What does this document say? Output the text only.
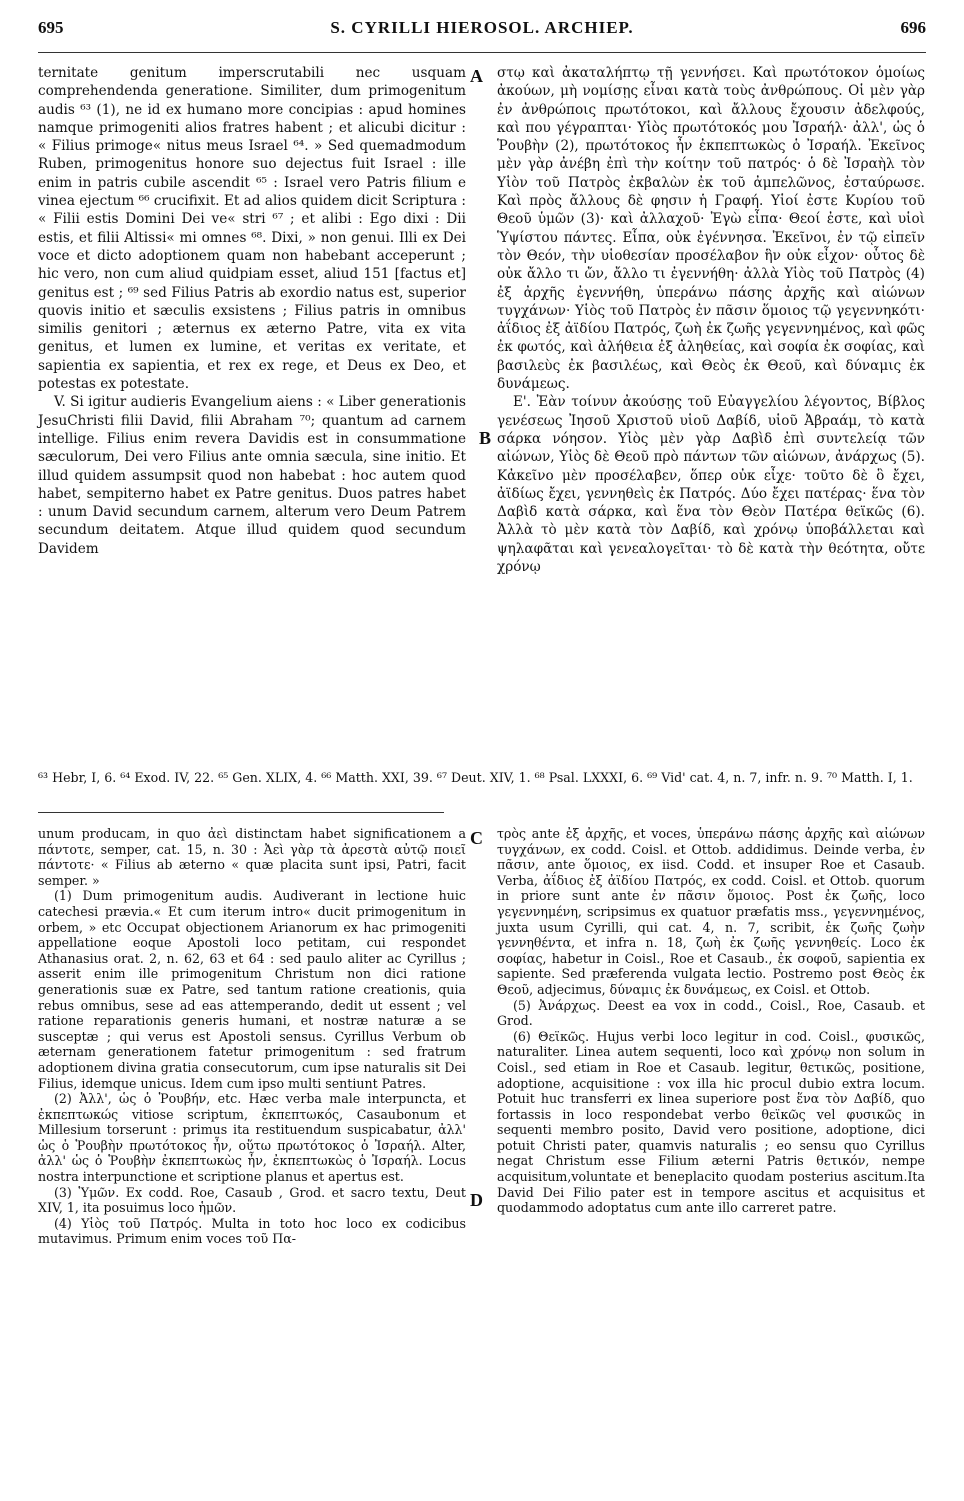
695	S. CYRILLI HIEROSOL. ARCHIEP.	696

ternitate genitum imperscrutabili nec usquam comprehendenda generatione. Similiter, dum primogenitum audis ⁶³ (1), ne id ex humano more concipias : apud homines namque primogeniti alios fratres habent ; et alicubi dicitur : « Filius primoge« nitus meus Israel ⁶⁴. » Sed quemadmodum Ruben, primogenitus honore suo dejectus fuit Israel : ille enim in patris cubile ascendit ⁶⁵ : Israel vero Patris filium e vinea ejectum ⁶⁶ crucifixit. Et ad alios quidem dicit Scriptura : « Filii estis Domini Dei ve« stri ⁶⁷ ; et alibi : Ego dixi : Dii estis, et filii Altissi« mi omnes ⁶⁸. Dixi, » non genui. Illi ex Dei voce et dicto adoptionem quam non habebant acceperunt ; hic vero, non cum aliud quidpiam esset, aliud 151 [factus et] genitus est ; ⁶⁹ sed Filius Patris ab exordio natus est, superior quovis initio et sæculis exsistens ; Filius patris in omnibus similis genitori ; æternus ex æterno Patre, vita ex vita genitus, et lumen ex lumine, et veritas ex veritate, et sapientia ex sapientia, et rex ex rege, et Deus ex Deo, et potestas ex potestate.

V. Si igitur audieris Evangelium aiens : « Liber generationis JesuChristi filii David, filii Abraham ⁷⁰; quantum ad carnem intellige. Filius enim revera Davidis est in consummatione sæculorum, Dei vero Filius ante omnia sæcula, sine initio. Et illud quidem assumpsit quod non habebat : hoc autem quod habet, sempiterno habet ex Patre genitus. Duos patres habet : unum David secundum carnem, alterum vero Deum Patrem secundum deitatem. Atque illud quidem quod secundum Davidem

στῳ καὶ ἀκαταλήπτῳ τῇ γεννήσει. Καὶ πρωτότοκον ὁμοίως ἀκούων, μὴ νομίσῃς εἶναι κατὰ τοὺς ἀνθρώπους. Οἱ μὲν γὰρ ἐν ἀνθρώποις πρωτότοκοι, καὶ ἄλλους ἔχουσιν ἀδελφούς, καὶ που γέγραπται· Υἱὸς πρωτότοκός μου Ἰσραήλ· ἀλλ', ὡς ὁ Ῥουβὴν (2), πρωτότοκος ἦν ἐκπεπτωκὼς ὁ Ἰσραήλ. Ἐκεῖνος μὲν γὰρ ἀνέβη ἐπὶ τὴν κοίτην τοῦ πατρός· ὁ δὲ Ἰσραὴλ τὸν Υἱὸν τοῦ Πατρὸς ἐκβαλὼν ἐκ τοῦ ἀμπελῶνος, ἐσταύρωσε. Καὶ πρὸς ἄλλους δὲ φησιν ἡ Γραφή. Υἱοί ἐστε Κυρίου τοῦ Θεοῦ ὑμῶν (3)· καὶ ἀλλαχοῦ· Ἐγὼ εἶπα· Θεοί ἐστε, καὶ υἱοὶ Ὑψίστου πάντες. Εἶπα, οὐκ ἐγέννησα. Ἐκεῖνοι, ἐν τῷ εἰπεῖν τὸν Θεόν, τὴν υἱοθεσίαν προσέλαβον ἣν οὐκ εἶχον· οὗτος δὲ οὐκ ἄλλο τι ὤν, ἄλλο τι ἐγεννήθη· ἀλλὰ Υἱὸς τοῦ Πατρὸς (4) ἐξ ἀρχῆς ἐγεννήθη, ὑπεράνω πάσης ἀρχῆς καὶ αἰώνων τυγχάνων· Υἱὸς τοῦ Πατρὸς ἐν πᾶσιν ὅμοιος τῷ γεγεννηκότι· ἀΐδιος ἐξ ἀϊδίου Πατρός, ζωὴ ἐκ ζωῆς γεγεννημένος, καὶ φῶς ἐκ φωτός, καὶ ἀλήθεια ἐξ ἀληθείας, καὶ σοφία ἐκ σοφίας, καὶ βασιλεὺς ἐκ βασιλέως, καὶ Θεὸς ἐκ Θεοῦ, καὶ δύναμις ἐκ δυνάμεως.

Ε'. Ἐὰν τοίνυν ἀκούσῃς τοῦ Εὐαγγελίου λέγοντος, Βίβλος γενέσεως Ἰησοῦ Χριστοῦ υἱοῦ Δαβίδ, υἱοῦ Ἀβραάμ, τὸ κατὰ σάρκα νόησον. Υἱὸς μὲν γὰρ Δαβὶδ ἐπὶ συντελείᾳ τῶν αἰώνων, Υἱὸς δὲ Θεοῦ πρὸ πάντων τῶν αἰώνων, ἀνάρχως (5). Κἀκεῖνο μὲν προσέλαβεν, ὅπερ οὐκ εἶχε· τοῦτο δὲ ὃ ἔχει, ἀϊδίως ἔχει, γεννηθεὶς ἐκ Πατρός. Δύο ἔχει πατέρας· ἕνα τὸν Δαβὶδ κατὰ σάρκα, καὶ ἕνα τὸν Θεὸν Πατέρα θεϊκῶς (6). Ἀλλὰ τὸ μὲν κατὰ τὸν Δαβίδ, καὶ χρόνῳ ὑποβάλλεται καὶ ψηλαφᾶται καὶ γενεαλογεῖται· τὸ δὲ κατὰ τὴν θεότητα, οὔτε χρόνῳ

A
B
⁶³ Hebr, I, 6. ⁶⁴ Exod. IV, 22. ⁶⁵ Gen. XLIX, 4. ⁶⁶ Matth. XXI, 39. ⁶⁷ Deut. XIV, 1. ⁶⁸ Psal. LXXXI, 6. ⁶⁹ Vid' cat. 4, n. 7, infr. n. 9. ⁷⁰ Matth. I, 1.

unum producam, in quo ἀεὶ distinctam habet significationem a πάντοτε, semper, cat. 15, n. 30 : Ἀεὶ γὰρ τὰ ἀρεστὰ αὐτῷ ποιεῖ πάντοτε· « Filius ab æterno « quæ placita sunt ipsi, Patri, facit semper. »

(1) Dum primogenitum audis. Audiverant in lectione huic catechesi prævia.« Et cum iterum intro« ducit primogenitum in orbem, » etc Occupat objectionem Arianorum ex hac primogeniti appellatione eoque Apostoli loco petitam, cui respondet Athanasius orat. 2, n. 62, 63 et 64 : sed paulo aliter ac Cyrillus ; asserit enim ille primogenitum Christum non dici ratione generationis suæ ex Patre, sed tantum ratione creationis, quia rebus omnibus, sese ad eas attemperando, dedit ut essent ; vel ratione reparationis generis humani, et nostræ naturæ a se susceptæ ; qui verus est Apostoli sensus. Cyrillus Verbum ob æternam generationem fatetur primogenitum : sed fratrum adoptionem divina gratia consecutorum, cum ipse naturalis sit Dei Filius, idemque unicus. Idem cum ipso multi sentiunt Patres.

(2) Ἀλλ', ὡς ὁ Ῥουβήν, etc. Hæc verba male interpuncta, et ἐκπεπτωκώς vitiose scriptum, ἐκπεπτωκός, Casaubonum et Millesium torserunt : primus ita restituendum suspicabatur, ἀλλ' ὡς ὁ Ῥουβὴν πρωτότοκος ἦν, οὕτω πρωτότοκος ὁ Ἰσραήλ. Alter, ἀλλ' ὡς ὁ Ῥουβὴν ἐκπεπτωκὼς ἦν, ἐκπεπτωκὼς ὁ Ἰσραήλ. Locus nostra interpunctione et scriptione planus et apertus est.

(3) Ὑμῶν. Ex codd. Roe, Casaub , Grod. et sacro textu, Deut XIV, 1, ita posuimus loco ἡμῶν.

(4) Υἱὸς τοῦ Πατρός. Multa in toto hoc loco ex codicibus mutavimus. Primum enim voces τοῦ Πα-

τρὸς ante ἐξ ἀρχῆς, et voces, ὑπεράνω πάσης ἀρχῆς καὶ αἰώνων τυγχάνων, ex codd. Coisl. et Ottob. addidimus. Deinde verba, ἐν πᾶσιν, ante ὅμοιος, ex iisd. Codd. et insuper Roe et Casaub. Verba, ἀΐδιος ἐξ ἀϊδίου Πατρός, ex codd. Coisl. et Ottob. quorum in priore sunt ante ἐν πᾶσιν ὅμοιος. Post ἐκ ζωῆς, loco γεγεννημένη, scripsimus ex quatuor præfatis mss., γεγεννημένος, juxta usum Cyrilli, qui cat. 4, n. 7, scribit, ἐκ ζωῆς ζωὴν γεννηθέντα, et infra n. 18, ζωὴ ἐκ ζωῆς γεννηθείς. Loco ἐκ σοφίας, habetur in Coisl., Roe et Casaub., ἐκ σοφοῦ, sapientia ex sapiente. Sed præferenda vulgata lectio. Postremo post Θεὸς ἐκ Θεοῦ, adjecimus, δύναμις ἐκ δυνάμεως, ex Coisl. et Ottob.

(5) Ἀνάρχως. Deest ea vox in codd., Coisl., Roe, Casaub. et Grod.

(6) Θεϊκῶς. Hujus verbi loco legitur in cod. Coisl., φυσικῶς, naturaliter. Linea autem sequenti, loco καὶ χρόνῳ non solum in Coisl., sed etiam in Roe et Casaub. legitur, θετικῶς, positione, adoptione, acquisitione : vox illa hic procul dubio extra locum. Potuit huc transferri ex linea superiore post ἕνα τὸν Δαβίδ, quo fortassis in loco respondebat verbo θεϊκῶς vel φυσικῶς in sequenti membro posito, David vero positione, adoptione, dici potuit Christi pater, quamvis naturalis ; eo sensu quo Cyrillus negat Christum esse Filium æterni Patris θετικόν, nempe acquisitum,voluntate et beneplacito quodam posterius ascitum.Ita David Dei Filio pater est in tempore ascitus et acquisitus et quodammodo adoptatus cum ante illo carreret patre.

C
D
